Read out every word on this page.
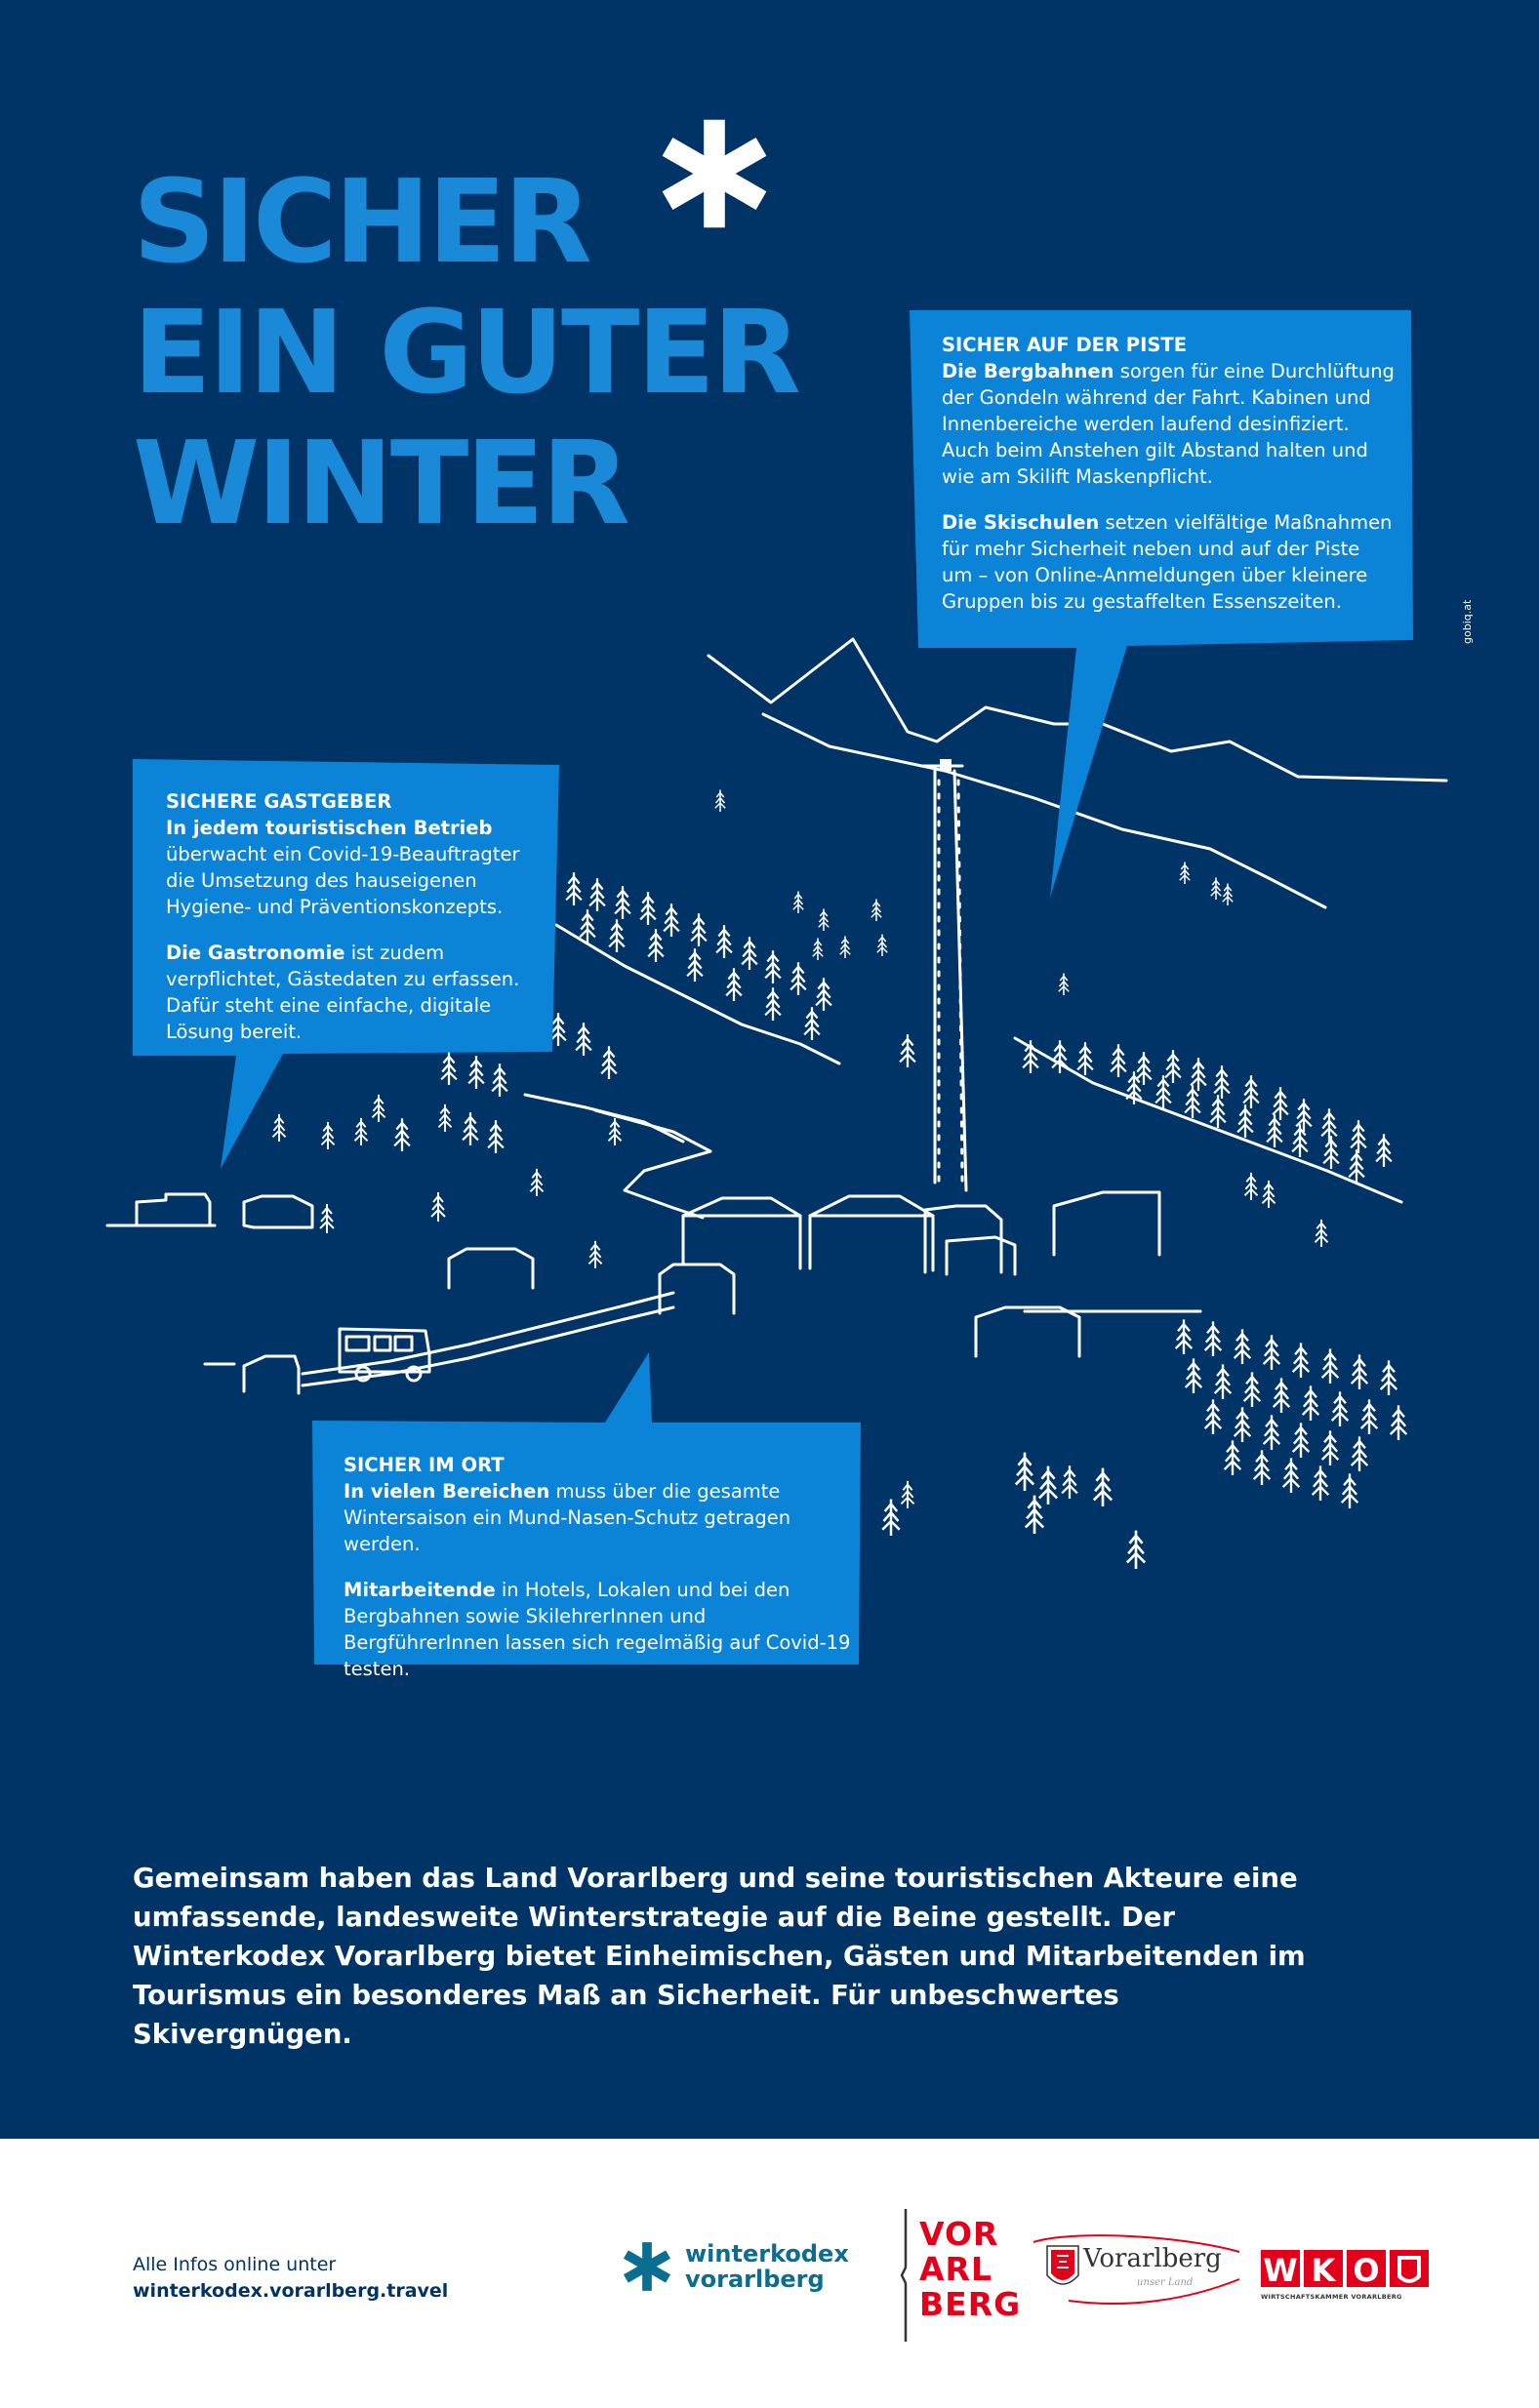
SICHER
EIN GUTER
WINTER
gobiq.at

SICHER AUF DER PISTE
Die Bergbahnen sorgen für eine Durchlüftung der Gondeln während der Fahrt. Kabinen und Innenbereiche werden laufend desinfiziert. Auch beim Anstehen gilt Abstand halten und wie am Skilift Maskenpflicht.

Die Skischulen setzen vielfältige Maßnahmen für mehr Sicherheit neben und auf der Piste um – von Online-Anmeldungen über kleinere Gruppen bis zu gestaffelten Essenszeiten.

SICHERE GASTGEBER
In jedem touristischen Betrieb überwacht ein Covid-19-Beauftragter die Umsetzung des hauseigenen Hygiene- und Präventionskonzepts.

Die Gastronomie ist zudem verpflichtet, Gästedaten zu erfassen. Dafür steht eine einfache, digitale Lösung bereit.

SICHER IM ORT
In vielen Bereichen muss über die gesamte Wintersaison ein Mund-Nasen-Schutz getragen werden.

Mitarbeitende in Hotels, Lokalen und bei den Bergbahnen sowie SkilehrerInnen und BergführerInnen lassen sich regelmäßig auf Covid-19 testen.

Gemeinsam haben das Land Vorarlberg und seine touristischen Akteure eine umfassende, landesweite Winterstrategie auf die Beine gestellt. Der Winterkodex Vorarlberg bietet Einheimischen, Gästen und Mitarbeitenden im Tourismus ein besonderes Maß an Sicherheit. Für unbeschwertes Skivergnügen.

Alle Infos online unter
winterkodex.vorarlberg.travel
winterkodex
vorarlberg
VOR
ARL
BERG
Vorarlberg
unser Land W K O
WIRTSCHAFTSKAMMER VORARLBERG
